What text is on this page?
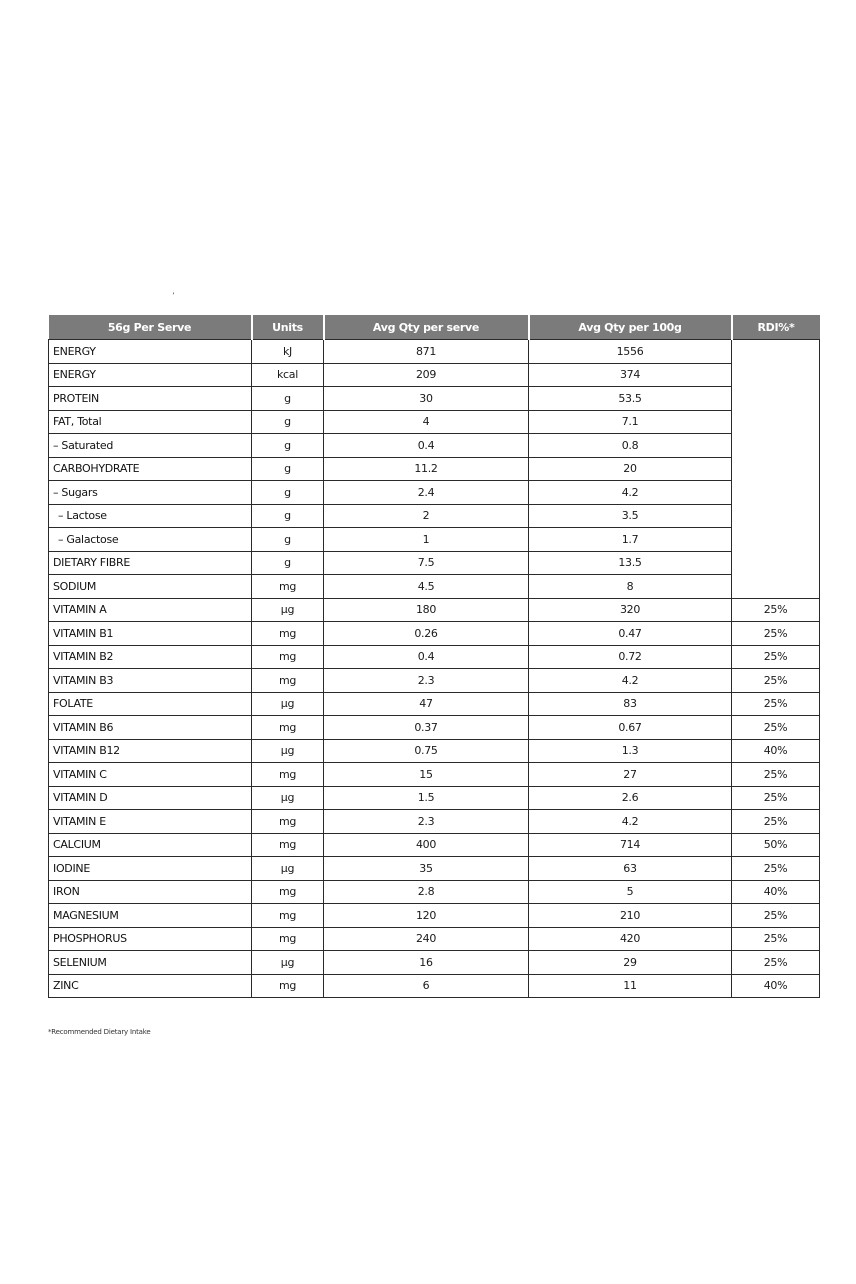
ʼ
56g Per Serve	Units	Avg Qty per serve	Avg Qty per 100g	RDI%*
ENERGY	kJ	871	1556	
ENERGY	kcal	209	374	
PROTEIN	g	30	53.5	
FAT, Total	g	4	7.1	
– Saturated	g	0.4	0.8	
CARBOHYDRATE	g	11.2	20	
– Sugars	g	2.4	4.2	
– Lactose	g	2	3.5	
– Galactose	g	1	1.7	
DIETARY FIBRE	g	7.5	13.5	
SODIUM	mg	4.5	8	
VITAMIN A	µg	180	320	25%
VITAMIN B1	mg	0.26	0.47	25%
VITAMIN B2	mg	0.4	0.72	25%
VITAMIN B3	mg	2.3	4.2	25%
FOLATE	µg	47	83	25%
VITAMIN B6	mg	0.37	0.67	25%
VITAMIN B12	µg	0.75	1.3	40%
VITAMIN C	mg	15	27	25%
VITAMIN D	µg	1.5	2.6	25%
VITAMIN E	mg	2.3	4.2	25%
CALCIUM	mg	400	714	50%
IODINE	µg	35	63	25%
IRON	mg	2.8	5	40%
MAGNESIUM	mg	120	210	25%
PHOSPHORUS	mg	240	420	25%
SELENIUM	µg	16	29	25%
ZINC	mg	6	11	40%
*Recommended Dietary Intake
